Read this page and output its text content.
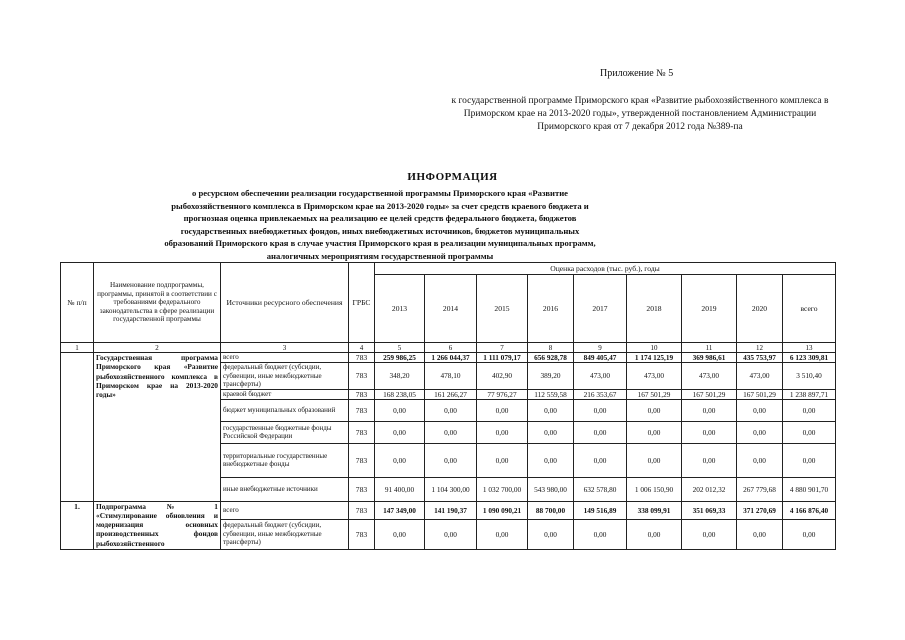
Приложение № 5
к государственной программе Приморского края «Развитие рыбохозяйственного комплекса в
Приморском крае на 2013-2020 годы», утвержденной постановлением Администрации
Приморского края от 7 декабря 2012 года №389-па
ИНФОРМАЦИЯ
о ресурсном обеспечении реализации государственной программы Приморского края «Развитие
рыбохозяйственного комплекса в Приморском крае на 2013-2020 годы» за счет средств краевого бюджета и
прогнозная оценка привлекаемых на реализацию ее целей средств федерального бюджета, бюджетов
государственных внебюджетных фондов, иных внебюджетных источников, бюджетов муниципальных
образований Приморского края в случае участия Приморского края в реализации муниципальных программ,
аналогичных мероприятиям государственной программы
№ п/п	Наименование подпрограммы, программы, принятой в соответствии с требованиями федерального законодательства в сфере реализации государственной программы	Источники ресурсного обеспечения	ГРБС	Оценка расходов (тыс. руб.), годы								
				2013	2014	2015	2016	2017	2018	2019	2020	всего
1	2	3	4	5	6	7	8	9	10	11	12	13
	Государственная программа Приморского края «Развитие рыбохозяйственного комплекса в Приморском крае на 2013-2020 годы»	всего	783	259 986,25	1 266 044,37	1 111 079,17	656 928,78	849 405,47	1 174 125,19	369 986,61	435 753,97	6 123 309,81
		федеральный бюджет (субсидии, субвенции, иные межбюджетные трансферты)	783	348,20	478,10	402,90	389,20	473,00	473,00	473,00	473,00	3 510,40
		краевой бюджет	783	168 238,05	161 266,27	77 976,27	112 559,58	216 353,67	167 501,29	167 501,29	167 501,29	1 238 897,71
		бюджет муниципальных образований	783	0,00	0,00	0,00	0,00	0,00	0,00	0,00	0,00	0,00
		государственные бюджетные фонды Российской Федерации	783	0,00	0,00	0,00	0,00	0,00	0,00	0,00	0,00	0,00
		территориальные государственные внебюджетные фонды	783	0,00	0,00	0,00	0,00	0,00	0,00	0,00	0,00	0,00
		иные внебюджетные источники	783	91 400,00	1 104 300,00	1 032 700,00	543 980,00	632 578,80	1 006 150,90	202 012,32	267 779,68	4 880 901,70
1.	Подпрограмма № 1 «Стимулирование обновления и модернизация основных производственных фондов рыбохозяйственного	всего	783	147 349,00	141 190,37	1 090 090,21	88 700,00	149 516,89	338 099,91	351 069,33	371 270,69	4 166 876,40
		федеральный бюджет (субсидии, субвенции, иные межбюджетные трансферты)	783	0,00	0,00	0,00	0,00	0,00	0,00	0,00	0,00	0,00
